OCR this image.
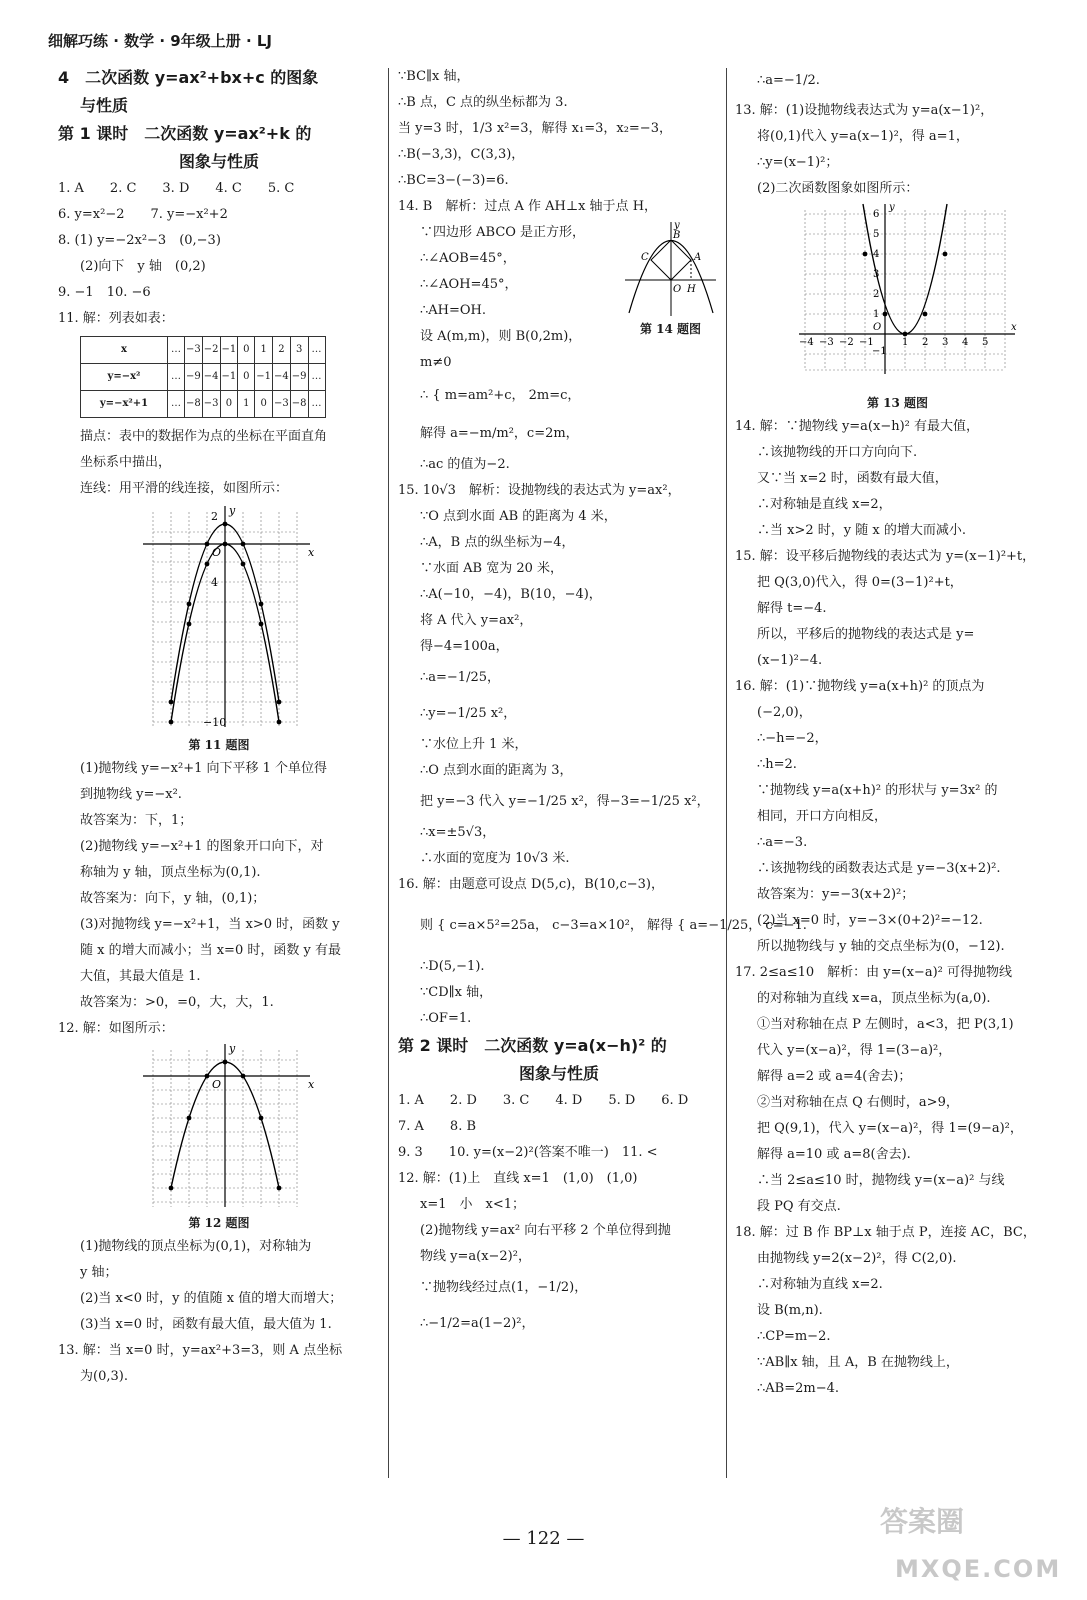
细解巧练 · 数学 · 9年级上册 · LJ
4　二次函数 y=ax²+bx+c 的图象
与性质
第 1 课时　二次函数 y=ax²+k 的
图象与性质
1. A　　2. C　　3. D　　4. C　　5. C
6. y=x²−2　　7. y=−x²+2
8. (1) y=−2x²−3　(0,−3)
(2)向下　y 轴　(0,2)
9. −1　10. −6
11. 解：列表如表：
x	…	−3	−2	−1	0	1	2	3	…
y=−x²	…	−9	−4	−1	0	−1	−4	−9	…
y=−x²+1	…	−8	−3	0	1	0	−3	−8	…
描点：表中的数据作为点的坐标在平面直角
坐标系中描出，
连线：用平滑的线连接，如图所示：
2
4
−10
O	x
y
第 11 题图
(1)抛物线 y=−x²+1 向下平移 1 个单位得
到抛物线 y=−x².
故答案为：下，1；
(2)抛物线 y=−x²+1 的图象开口向下，对
称轴为 y 轴，顶点坐标为(0,1).
故答案为：向下，y 轴，(0,1)；
(3)对抛物线 y=−x²+1，当 x>0 时，函数 y
随 x 的增大而减小；当 x=0 时，函数 y 有最
大值，其最大值是 1.
故答案为：>0，=0，大，大，1.
12. 解：如图所示：
O	x
y
第 12 题图
(1)抛物线的顶点坐标为(0,1)，对称轴为
y 轴；
(2)当 x<0 时，y 的值随 x 值的增大而增大；
(3)当 x=0 时，函数有最大值，最大值为 1.
13. 解：当 x=0 时，y=ax²+3=3，则 A 点坐标
为(0,3).
∵BC∥x 轴，
∴B 点，C 点的纵坐标都为 3.
当 y=3 时，1/3 x²=3，解得 x₁=3，x₂=−3，
∴B(−3,3)，C(3,3)，
∴BC=3−(−3)=6.
14. B　解析：过点 A 作 AH⊥x 轴于点 H，
∵四边形 ABCO 是正方形，
∴∠AOB=45°，
∴∠AOH=45°，
∴AH=OH.
设 A(m,m)，则 B(0,2m)，
m≠0
∴ { m=am²+c， 2m=c，
解得 a=−m/m²，c=2m，
∴ac 的值为−2.
B
C	A
O H
y
第 14 题图
15. 10√3　解析：设抛物线的表达式为 y=ax²，
∵O 点到水面 AB 的距离为 4 米，
∴A，B 点的纵坐标为−4，
∵水面 AB 宽为 20 米，
∴A(−10，−4)，B(10，−4)，
将 A 代入 y=ax²，
得−4=100a，
∴a=−1/25，
∴y=−1/25 x²，
∵水位上升 1 米，
∴O 点到水面的距离为 3，
把 y=−3 代入 y=−1/25 x²，得−3=−1/25 x²，
∴x=±5√3，
∴水面的宽度为 10√3 米.
16. 解：由题意可设点 D(5,c)，B(10,c−3)，
则 { c=a×5²=25a， c−3=a×10²， 解得 { a=−1/25， c=−1.
∴D(5,−1).
∵CD∥x 轴，
∴OF=1.
第 2 课时　二次函数 y=a(x−h)² 的
图象与性质
1. A　　2. D　　3. C　　4. D　　5. D　　6. D
7. A　　8. B
9. 3　　10. y=(x−2)²(答案不唯一)　11. <
12. 解：(1)上　直线 x=1　(1,0)　(1,0)
x=1　小　x<1；
(2)抛物线 y=ax² 向右平移 2 个单位得到抛
物线 y=a(x−2)²，
∵抛物线经过点(1，−1/2)，
∴−1/2=a(1−2)²，
∴a=−1/2.
13. 解：(1)设抛物线表达式为 y=a(x−1)²，
将(0,1)代入 y=a(x−1)²，得 a=1，
∴y=(x−1)²；
(2)二次函数图象如图所示：
6
5
4
3
2
1
O
−1
−4 −3 −2 −1	1 2 3 4 5
x
y
第 13 题图
14. 解：∵抛物线 y=a(x−h)² 有最大值，
∴该抛物线的开口方向向下.
又∵当 x=2 时，函数有最大值，
∴对称轴是直线 x=2，
∴当 x>2 时，y 随 x 的增大而减小.
15. 解：设平移后抛物线的表达式为 y=(x−1)²+t，
把 Q(3,0)代入，得 0=(3−1)²+t，
解得 t=−4.
所以，平移后的抛物线的表达式是 y=
(x−1)²−4.
16. 解：(1)∵抛物线 y=a(x+h)² 的顶点为
(−2,0)，
∴−h=−2，
∴h=2.
∵抛物线 y=a(x+h)² 的形状与 y=3x² 的
相同，开口方向相反，
∴a=−3.
∴该抛物线的函数表达式是 y=−3(x+2)².
故答案为：y=−3(x+2)²；
(2)当 x=0 时，y=−3×(0+2)²=−12.
所以抛物线与 y 轴的交点坐标为(0，−12).
17. 2≤a≤10　解析：由 y=(x−a)² 可得抛物线
的对称轴为直线 x=a，顶点坐标为(a,0).
①当对称轴在点 P 左侧时，a<3，把 P(3,1)
代入 y=(x−a)²，得 1=(3−a)²，
解得 a=2 或 a=4(舍去)；
②当对称轴在点 Q 右侧时，a>9，
把 Q(9,1)，代入 y=(x−a)²，得 1=(9−a)²，
解得 a=10 或 a=8(舍去).
∴当 2≤a≤10 时，抛物线 y=(x−a)² 与线
段 PQ 有交点.
18. 解：过 B 作 BP⊥x 轴于点 P，连接 AC，BC，
由抛物线 y=2(x−2)²，得 C(2,0).
∴对称轴为直线 x=2.
设 B(m,n).
∴CP=m−2.
∵AB∥x 轴，且 A，B 在抛物线上，
∴AB=2m−4.
— 122 —
答案圈
MXQE.COM
